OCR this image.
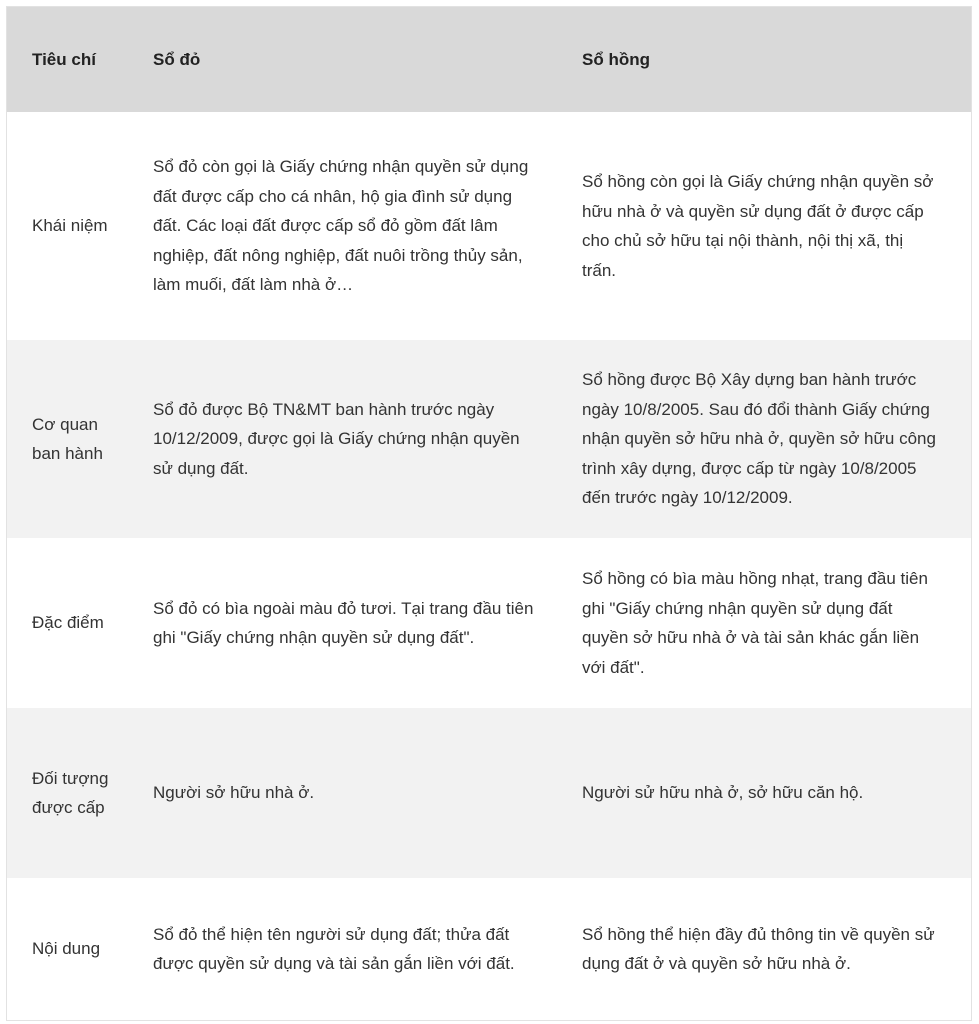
Tiêu chí	Sổ đỏ	Sổ hồng
Khái niệm	Sổ đỏ còn gọi là Giấy chứng nhận quyền sử dụng đất được cấp cho cá nhân, hộ gia đình sử dụng đất. Các loại đất được cấp sổ đỏ gồm đất lâm nghiệp, đất nông nghiệp, đất nuôi trồng thủy sản, làm muối, đất làm nhà ở…	Sổ hồng còn gọi là Giấy chứng nhận quyền sở hữu nhà ở và quyền sử dụng đất ở được cấp cho chủ sở hữu tại nội thành, nội thị xã, thị trấn.
Cơ quan ban hành	Sổ đỏ được Bộ TN&MT ban hành trước ngày 10/12/2009, được gọi là Giấy chứng nhận quyền sử dụng đất.	Sổ hồng được Bộ Xây dựng ban hành trước ngày 10/8/2005. Sau đó đổi thành Giấy chứng nhận quyền sở hữu nhà ở, quyền sở hữu công trình xây dựng, được cấp từ ngày 10/8/2005 đến trước ngày 10/12/2009.
Đặc điểm	Sổ đỏ có bìa ngoài màu đỏ tươi. Tại trang đầu tiên ghi "Giấy chứng nhận quyền sử dụng đất".	Sổ hồng có bìa màu hồng nhạt, trang đầu tiên ghi "Giấy chứng nhận quyền sử dụng đất quyền sở hữu nhà ở và tài sản khác gắn liền với đất".
Đối tượng được cấp	Người sở hữu nhà ở.	Người sử hữu nhà ở, sở hữu căn hộ.
Nội dung	Sổ đỏ thể hiện tên người sử dụng đất; thửa đất được quyền sử dụng và tài sản gắn liền với đất.	Sổ hồng thể hiện đầy đủ thông tin về quyền sử dụng đất ở và quyền sở hữu nhà ở.
